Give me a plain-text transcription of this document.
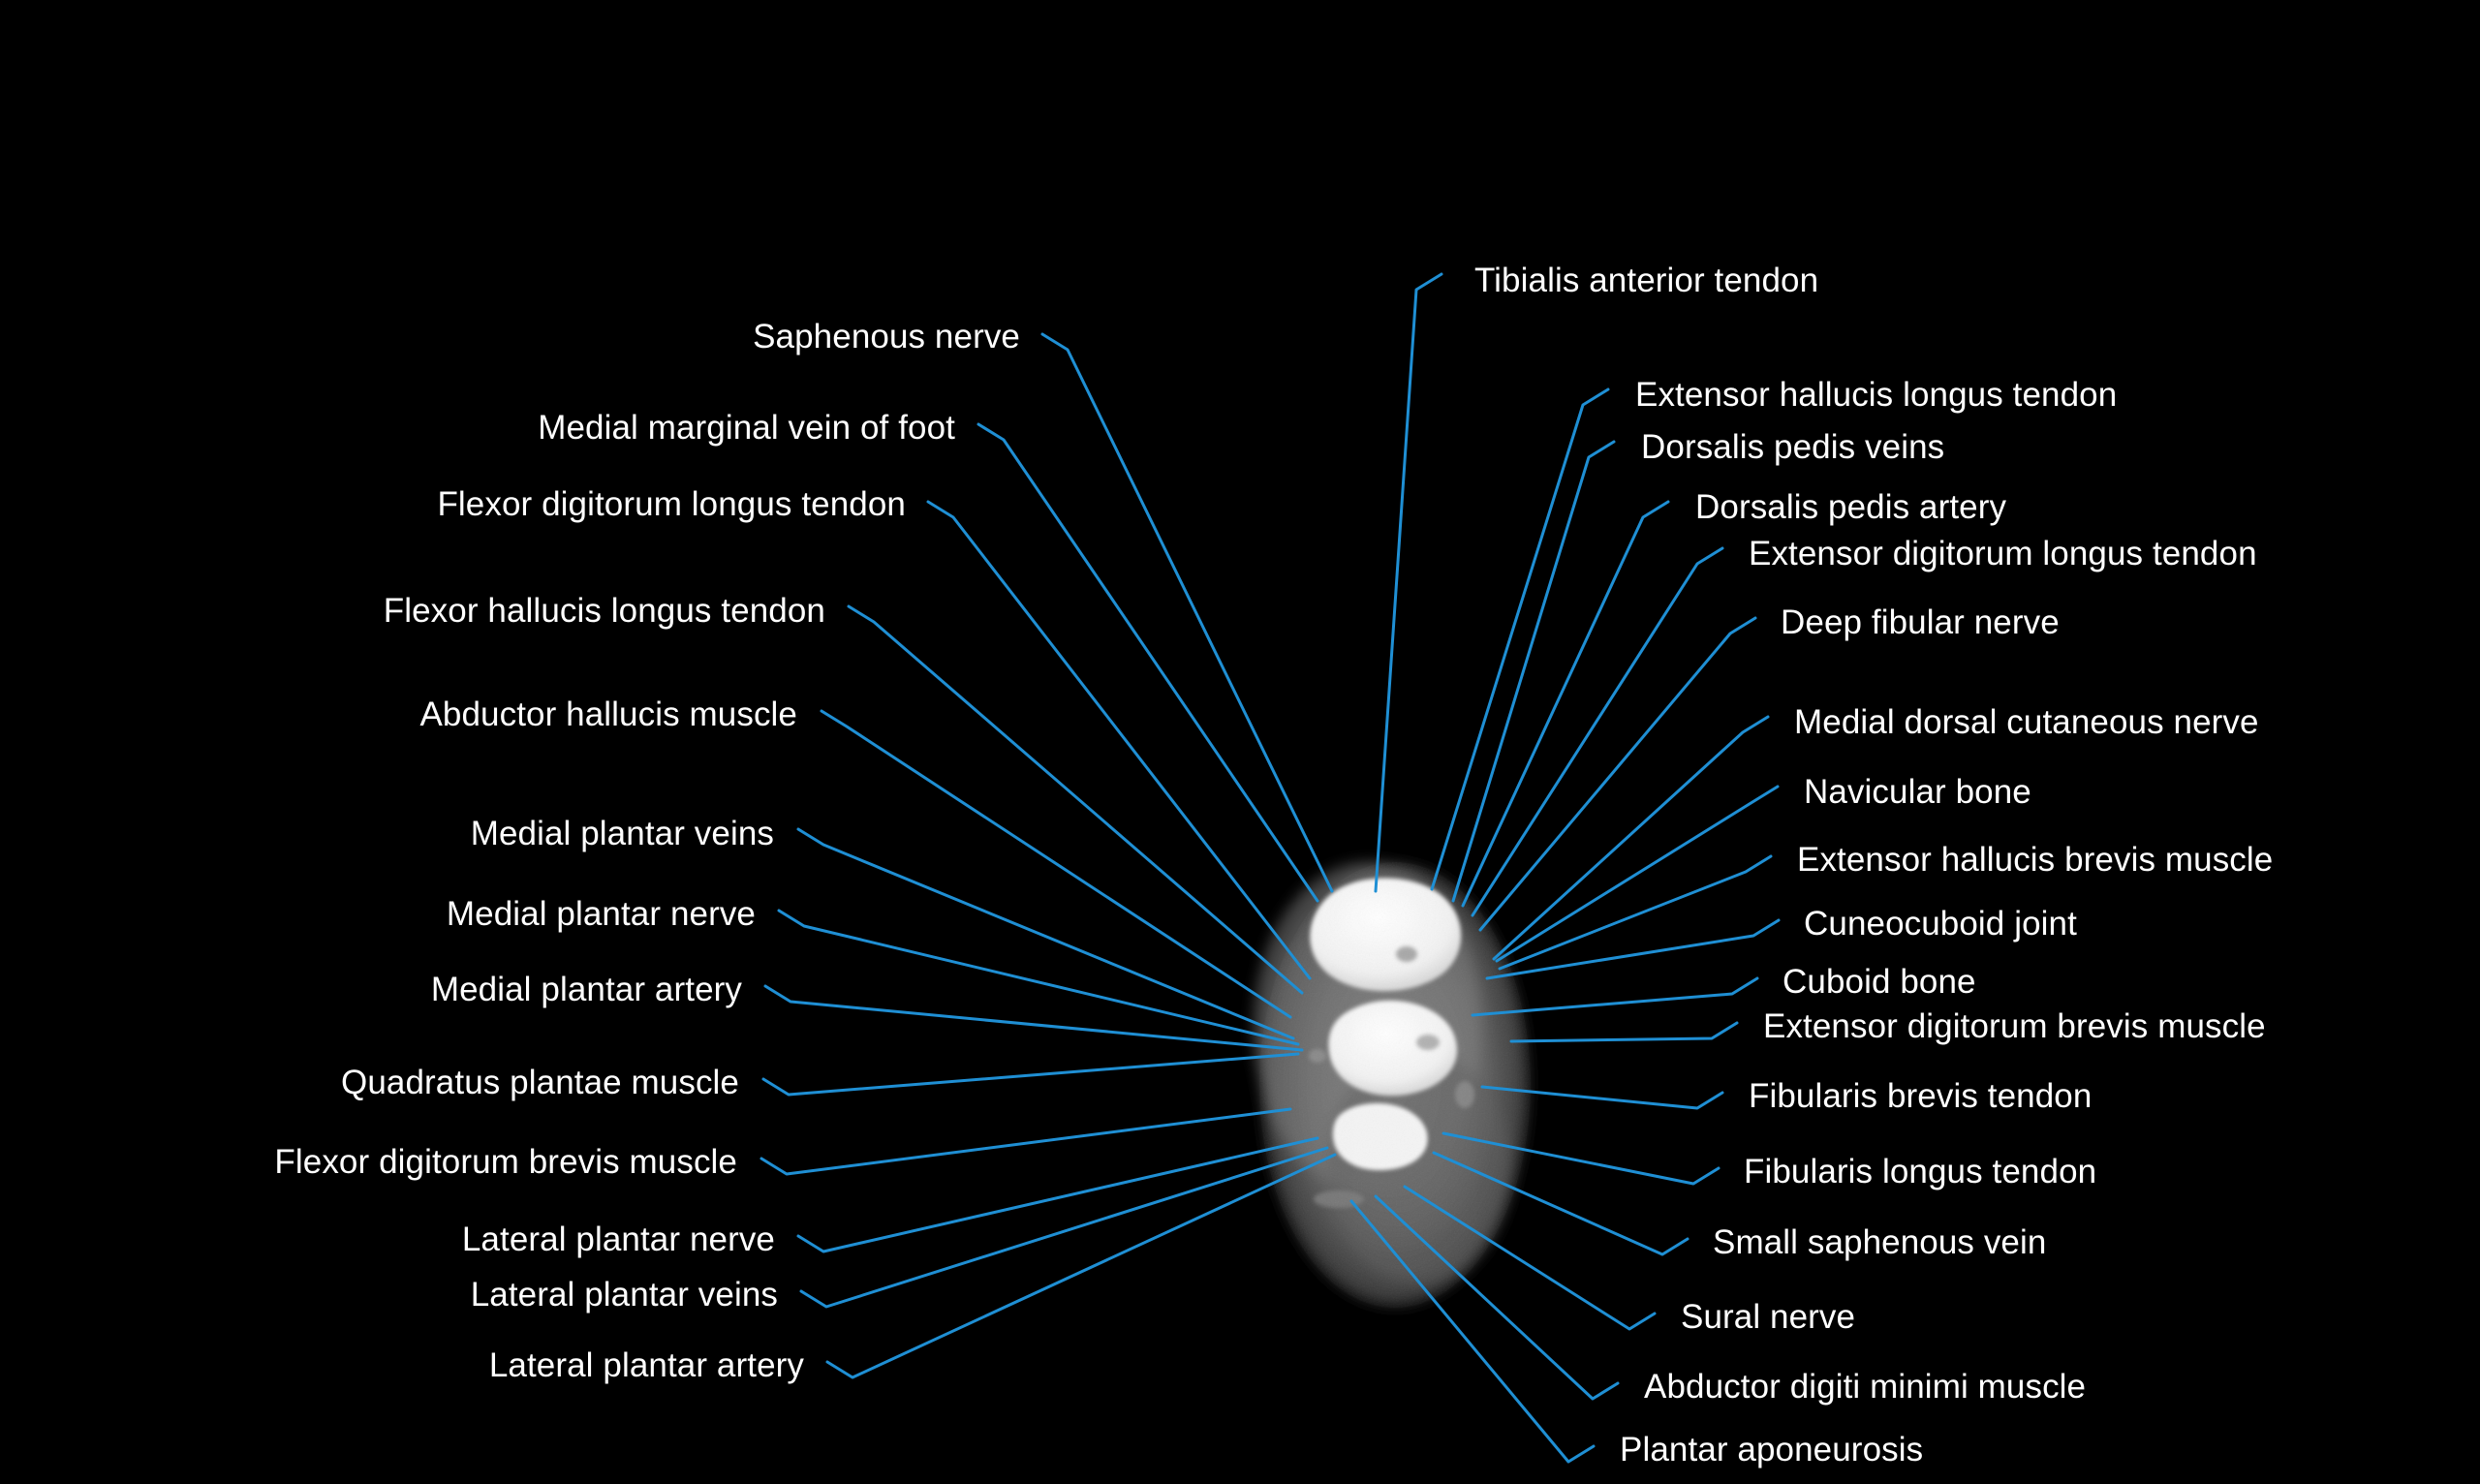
Tibialis anterior tendon
Saphenous nerve
Medial marginal vein of foot
Extensor hallucis longus tendon
Dorsalis pedis veins
Flexor digitorum longus tendon	Dorsalis pedis artery
Extensor digitorum longus tendon
Flexor hallucis longus tendon	Deep fibular nerve
Abductor hallucis muscle	Medial dorsal cutaneous nerve
Navicular bone
Medial plantar veins
Extensor hallucis brevis muscle
Medial plantar nerve	Cuneocuboid joint
Cuboid bone
Medial plantar artery
Extensor digitorum brevis muscle
Quadratus plantae muscle	Fibularis brevis tendon
Flexor digitorum brevis muscle	Fibularis longus tendon
Lateral plantar nerve	Small saphenous vein
Lateral plantar veins
Sural nerve
Lateral plantar artery
Abductor digiti minimi muscle
Plantar aponeurosis
